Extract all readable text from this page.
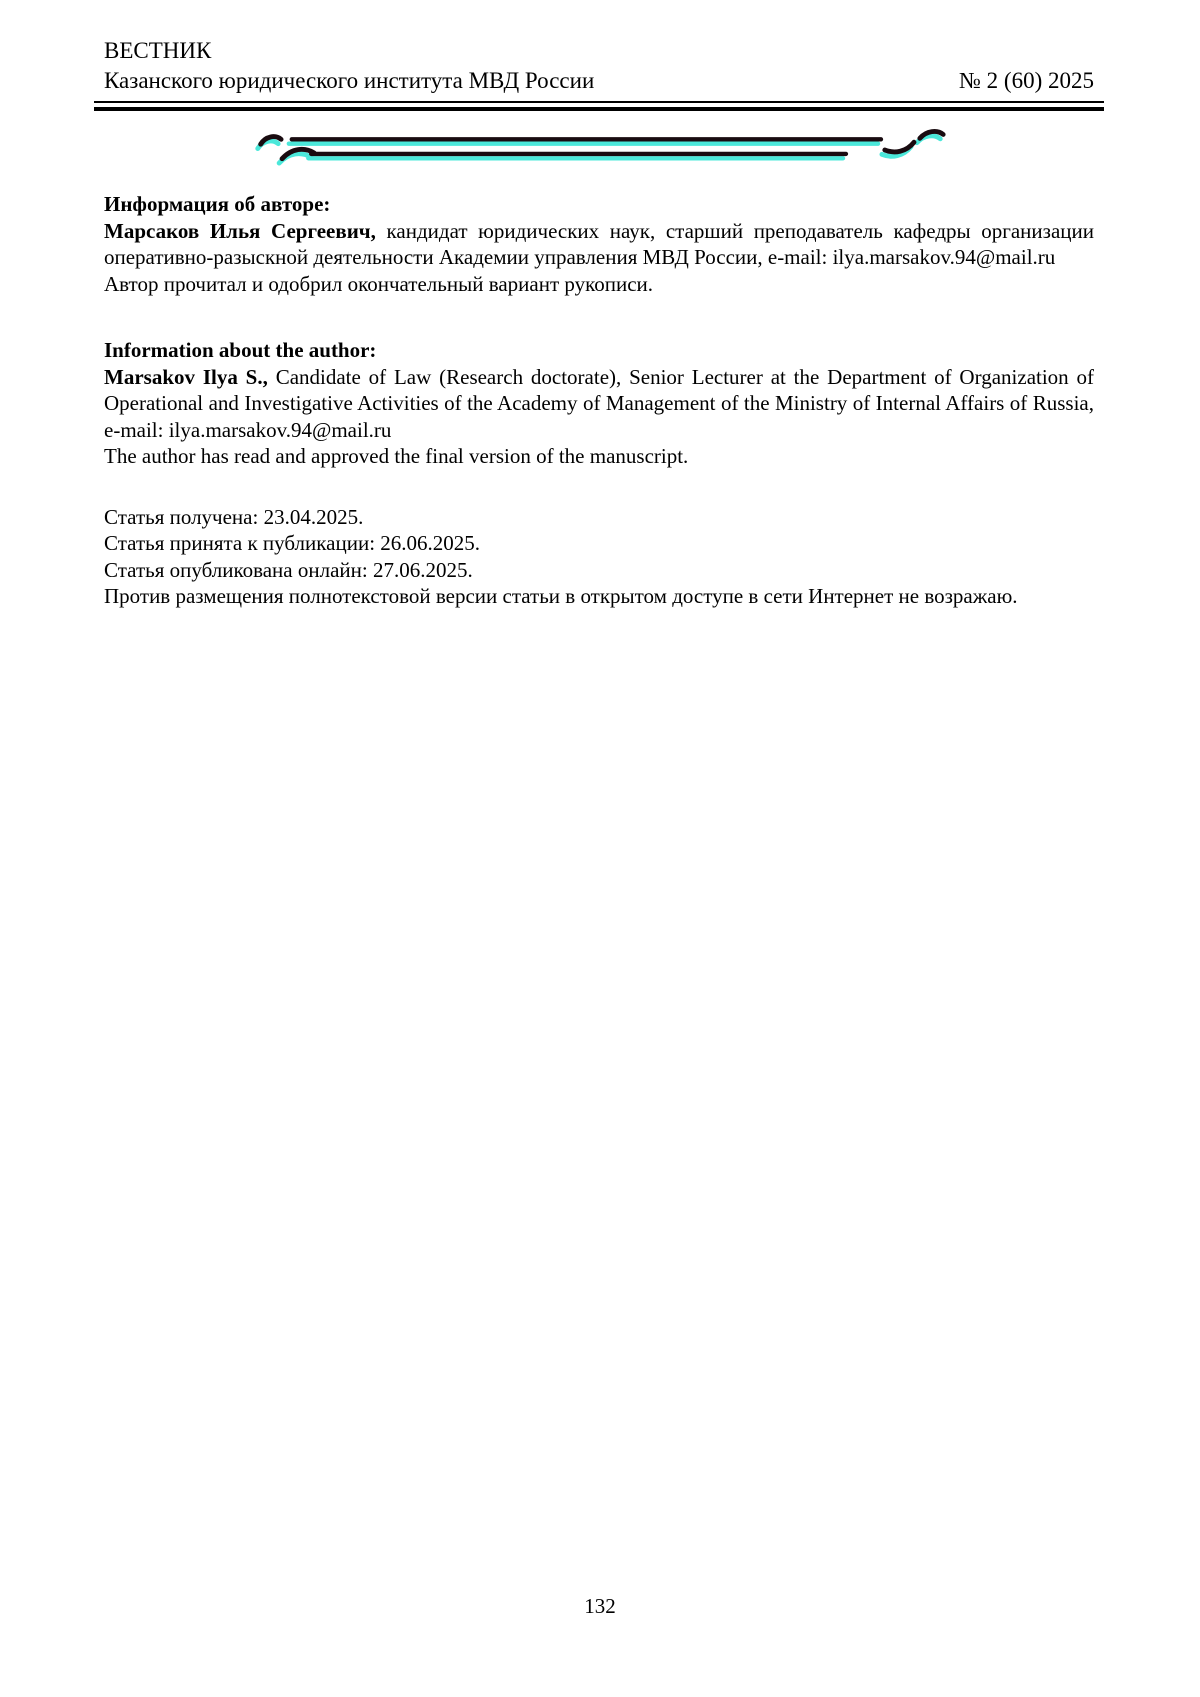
ВЕСТНИК
Казанского юридического института МВД России	№ 2 (60) 2025

Информация об авторе:

Марсаков Илья Сергеевич, кандидат юридических наук, старший преподаватель кафедры организации оперативно-разыскной деятельности Академии управления МВД России, e-mail: ilya.marsakov.94@mail.ru

Автор прочитал и одобрил окончательный вариант рукописи.

Information about the author:

Marsakov Ilya S., Candidate of Law (Research doctorate), Senior Lecturer at the Department of Organization of Operational and Investigative Activities of the Academy of Management of the Ministry of Internal Affairs of Russia, e-mail: ilya.marsakov.94@mail.ru

The author has read and approved the final version of the manuscript.

Статья получена: 23.04.2025.

Статья принята к публикации: 26.06.2025.

Статья опубликована онлайн: 27.06.2025.

Против размещения полнотекстовой версии статьи в открытом доступе в сети Интернет не возражаю.

132
